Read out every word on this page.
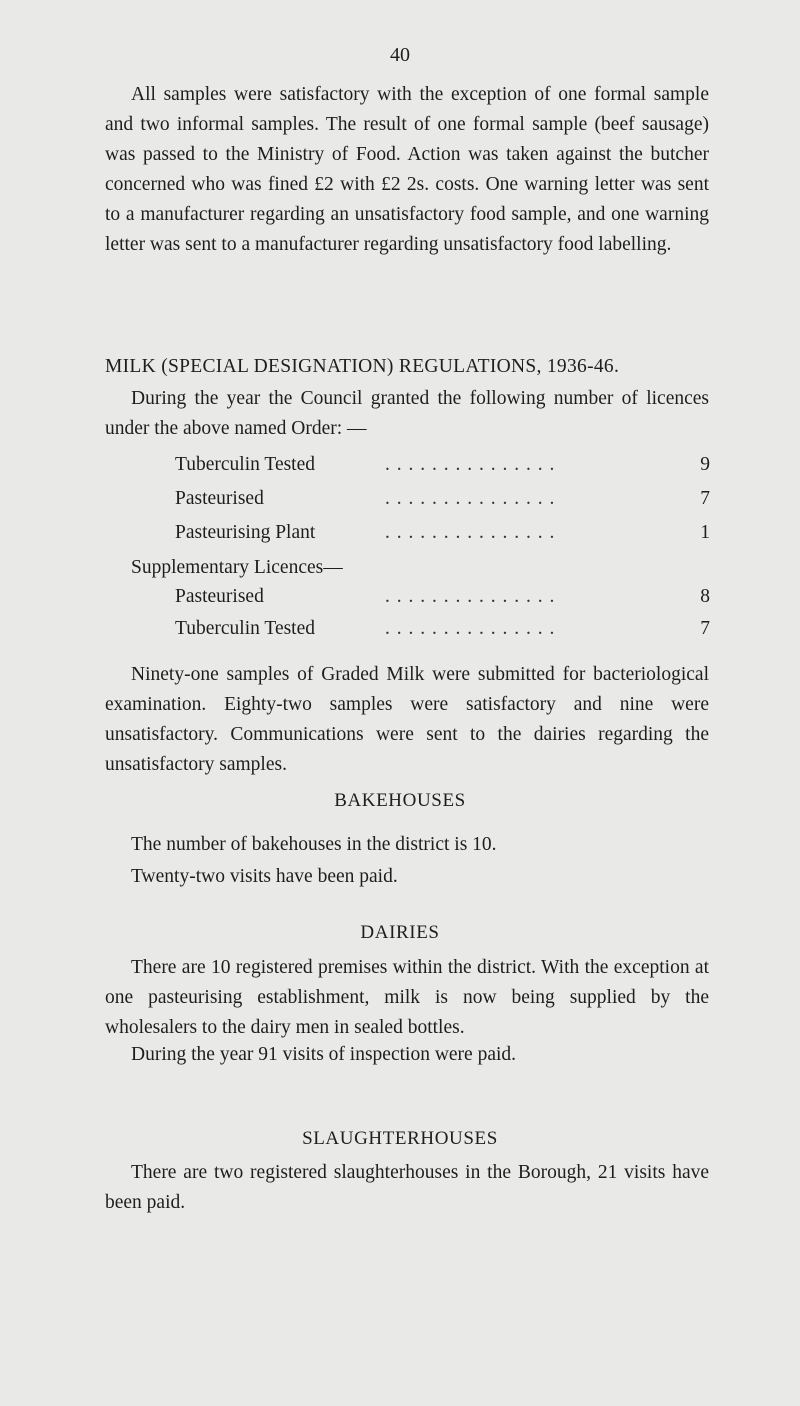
40

All samples were satisfactory with the exception of one formal sample and two informal samples. The result of one formal sample (beef sausage) was passed to the Ministry of Food. Action was taken against the butcher concerned who was fined £2 with £2 2s. costs. One warning letter was sent to a manufacturer regarding an unsatisfactory food sample, and one warning letter was sent to a manufacturer regarding unsatisfactory food labelling.

MILK (SPECIAL DESIGNATION) REGULATIONS, 1936-46.

During the year the Council granted the following number of licences under the above named Order: —

Tuberculin Tested	. . . . . . . . . . . . . . .	9
Pasteurised	. . . . . . . . . . . . . . .	7
Pasteurising Plant	. . . . . . . . . . . . . . .	1
Supplementary Licences—
Pasteurised	. . . . . . . . . . . . . . .	8
Tuberculin Tested	. . . . . . . . . . . . . . .	7

Ninety-one samples of Graded Milk were submitted for bacteriological examination. Eighty-two samples were satisfactory and nine were unsatisfactory. Communications were sent to the dairies regarding the unsatisfactory samples.

BAKEHOUSES

The number of bakehouses in the district is 10.

Twenty-two visits have been paid.

DAIRIES

There are 10 registered premises within the district. With the exception at one pasteurising establishment, milk is now being supplied by the wholesalers to the dairy men in sealed bottles.

During the year 91 visits of inspection were paid.

SLAUGHTERHOUSES

There are two registered slaughterhouses in the Borough, 21 visits have been paid.
